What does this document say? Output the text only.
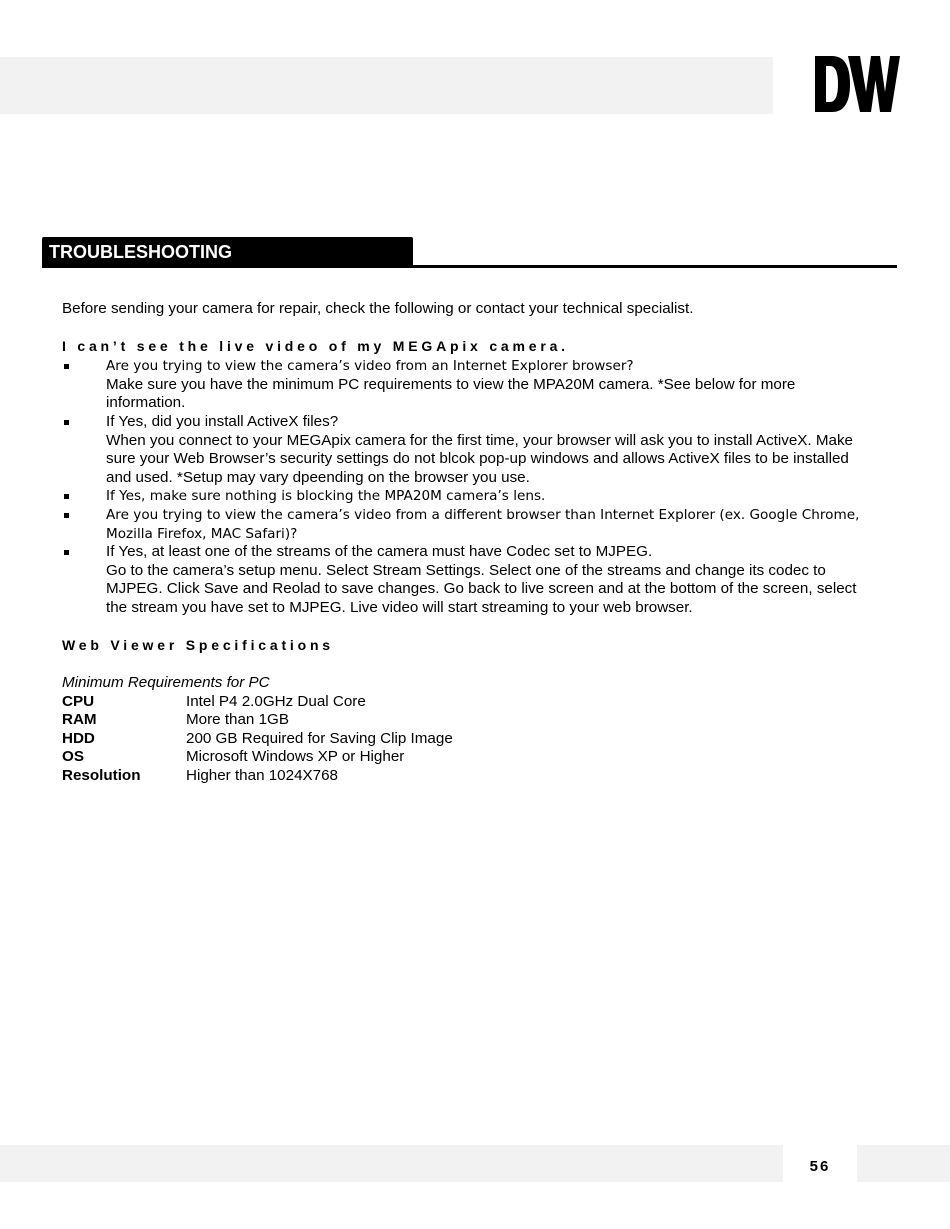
TROUBLESHOOTING

Before sending your camera for repair, check the following or contact your technical specialist.

I can’t see the live video of my MEGApix camera.
Are you trying to view the camera’s video from an Internet Explorer browser?
Make sure you have the minimum PC requirements to view the MPA20M camera. *See below for more information.
If Yes, did you install ActiveX files?
When you connect to your MEGApix camera for the first time, your browser will ask you to install ActiveX. Make sure your Web Browser’s security settings do not blcok pop-up windows and allows ActiveX files to be installed and used. *Setup may vary dpeending on the browser you use.
If Yes, make sure nothing is blocking the MPA20M camera’s lens.
Are you trying to view the camera’s video from a different browser than Internet Explorer (ex. Google Chrome, Mozilla Firefox, MAC Safari)?
If Yes, at least one of the streams of the camera must have Codec set to MJPEG.
Go to the camera’s setup menu. Select Stream Settings. Select one of the streams and change its codec to MJPEG. Click Save and Reolad to save changes. Go back to live screen and at the bottom of the screen, select the stream you have set to MJPEG. Live video will start streaming to your web browser.
Web Viewer Specifications
Minimum Requirements for PC
CPU	Intel P4 2.0GHz Dual Core
RAM	More than 1GB
HDD	200 GB Required for Saving Clip Image
OS	Microsoft Windows XP or Higher
Resolution	Higher than 1024X768
56
